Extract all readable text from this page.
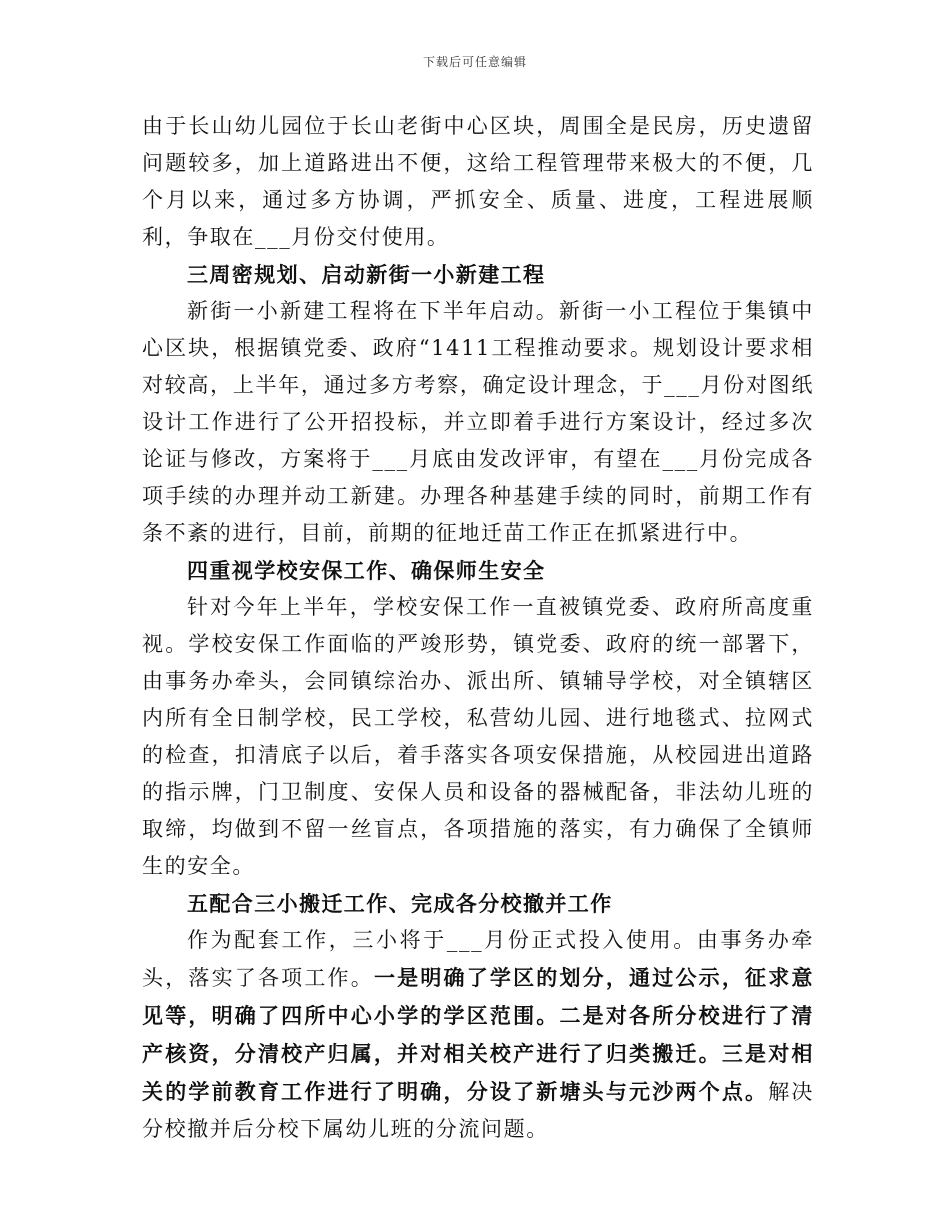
下载后可任意编辑

由于长山幼儿园位于长山老街中心区块，周围全是民房，历史遗留问题较多，加上道路进出不便，这给工程管理带来极大的不便，几个月以来，通过多方协调，严抓安全、质量、进度，工程进展顺利，争取在___月份交付使用。

三周密规划、启动新街一小新建工程

新街一小新建工程将在下半年启动。新街一小工程位于集镇中心区块，根据镇党委、政府“1411工程推动要求。规划设计要求相对较高，上半年，通过多方考察，确定设计理念，于___月份对图纸设计工作进行了公开招投标，并立即着手进行方案设计，经过多次论证与修改，方案将于___月底由发改评审，有望在___月份完成各项手续的办理并动工新建。办理各种基建手续的同时，前期工作有条不紊的进行，目前，前期的征地迁苗工作正在抓紧进行中。

四重视学校安保工作、确保师生安全

针对今年上半年，学校安保工作一直被镇党委、政府所高度重视。学校安保工作面临的严竣形势，镇党委、政府的统一部署下，由事务办牵头，会同镇综治办、派出所、镇辅导学校，对全镇辖区内所有全日制学校，民工学校，私营幼儿园、进行地毯式、拉网式的检查，扣清底子以后，着手落实各项安保措施，从校园进出道路的指示牌，门卫制度、安保人员和设备的器械配备，非法幼儿班的取缔，均做到不留一丝盲点，各项措施的落实，有力确保了全镇师生的安全。

五配合三小搬迁工作、完成各分校撤并工作

作为配套工作，三小将于___月份正式投入使用。由事务办牵头，落实了各项工作。一是明确了学区的划分，通过公示，征求意见等，明确了四所中心小学的学区范围。二是对各所分校进行了清产核资，分清校产归属，并对相关校产进行了归类搬迁。三是对相关的学前教育工作进行了明确，分设了新塘头与元沙两个点。解决分校撤并后分校下属幼儿班的分流问题。
